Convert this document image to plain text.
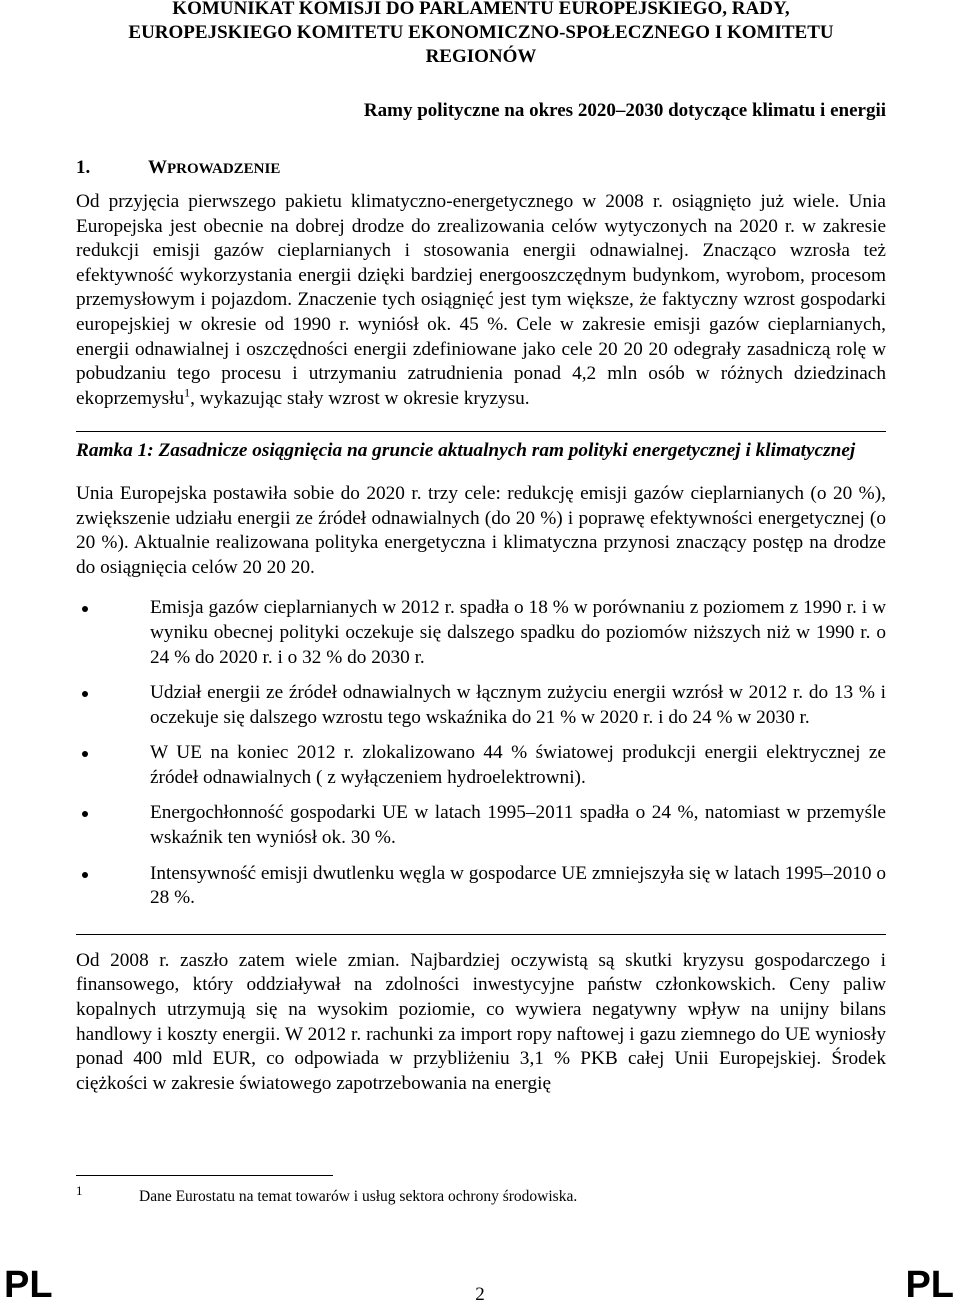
KOMUNIKAT KOMISJI DO PARLAMENTU EUROPEJSKIEGO, RADY,
EUROPEJSKIEGO KOMITETU EKONOMICZNO-SPOŁECZNEGO I KOMITETU
REGIONÓW

Ramy polityczne na okres 2020–2030 dotyczące klimatu i energii

1.	WPROWADZENIE

Od przyjęcia pierwszego pakietu klimatyczno-energetycznego w 2008 r. osiągnięto już wiele. Unia Europejska jest obecnie na dobrej drodze do zrealizowania celów wytyczonych na 2020 r. w zakresie redukcji emisji gazów cieplarnianych i stosowania energii odnawialnej. Znacząco wzrosła też efektywność wykorzystania energii dzięki bardziej energooszczędnym budynkom, wyrobom, procesom przemysłowym i pojazdom. Znaczenie tych osiągnięć jest tym większe, że faktyczny wzrost gospodarki europejskiej w okresie od 1990 r. wyniósł ok. 45 %. Cele w zakresie emisji gazów cieplarnianych, energii odnawialnej i oszczędności energii zdefiniowane jako cele 20 20 20 odegrały zasadniczą rolę w pobudzaniu tego procesu i utrzymaniu zatrudnienia ponad 4,2 mln osób w różnych dziedzinach ekoprzemysłu$^1$, wykazując stały wzrost w okresie kryzysu.

Ramka 1: Zasadnicze osiągnięcia na gruncie aktualnych ram polityki energetycznej i klimatycznej

Unia Europejska postawiła sobie do 2020 r. trzy cele: redukcję emisji gazów cieplarnianych (o 20 %), zwiększenie udziału energii ze źródeł odnawialnych (do 20 %) i poprawę efektywności energetycznej (o 20 %). Aktualnie realizowana polityka energetyczna i klimatyczna przynosi znaczący postęp na drodze do osiągnięcia celów 20 20 20.

Emisja gazów cieplarnianych w 2012 r. spadła o 18 % w porównaniu z poziomem z 1990 r. i w wyniku obecnej polityki oczekuje się dalszego spadku do poziomów niższych niż w 1990 r. o 24 % do 2020 r. i o 32 % do 2030 r.
Udział energii ze źródeł odnawialnych w łącznym zużyciu energii wzrósł w 2012 r. do 13 % i oczekuje się dalszego wzrostu tego wskaźnika do 21 % w 2020 r. i do 24 % w 2030 r.
W UE na koniec 2012 r. zlokalizowano 44 % światowej produkcji energii elektrycznej ze źródeł odnawialnych ( z wyłączeniem hydroelektrowni).
Energochłonność gospodarki UE w latach 1995–2011 spadła o 24 %, natomiast w przemyśle wskaźnik ten wyniósł ok. 30 %.
Intensywność emisji dwutlenku węgla w gospodarce UE zmniejszyła się w latach 1995–2010 o 28 %.

Od 2008 r. zaszło zatem wiele zmian. Najbardziej oczywistą są skutki kryzysu gospodarczego i finansowego, który oddziaływał na zdolności inwestycyjne państw członkowskich. Ceny paliw kopalnych utrzymują się na wysokim poziomie, co wywiera negatywny wpływ na unijny bilans handlowy i koszty energii. W 2012 r. rachunki za import ropy naftowej i gazu ziemnego do UE wyniosły ponad 400 mld EUR, co odpowiada w przybliżeniu 3,1 % PKB całej Unii Europejskiej. Środek ciężkości w zakresie światowego zapotrzebowania na energię

1	Dane Eurostatu na temat towarów i usług sektora ochrony środowiska.
PL	2	PL
